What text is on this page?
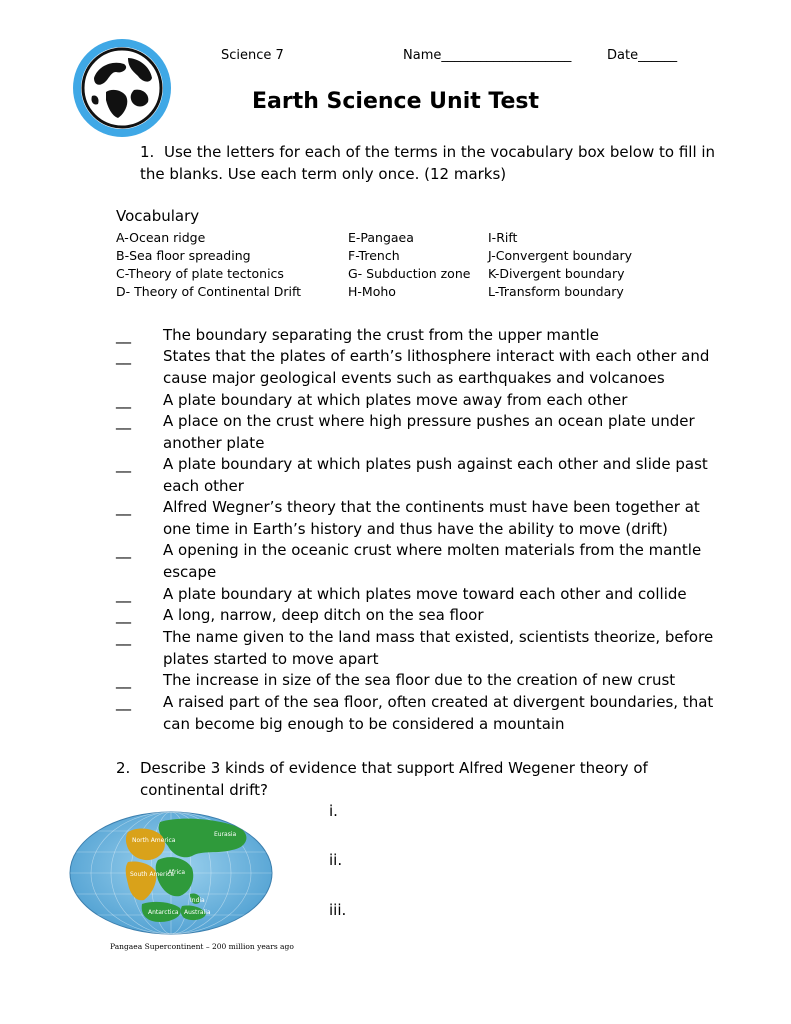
Science 7	Name____________________	Date______
Earth Science Unit Test
1. Use the letters for each of the terms in the vocabulary box below to fill in the blanks. Use each term only once. (12 marks)
Vocabulary
A-Ocean ridge
B-Sea floor spreading
C-Theory of plate tectonics
D- Theory of Continental Drift
E-Pangaea
F-Trench
G- Subduction zone
H-Moho
I-Rift
J-Convergent boundary
K-Divergent boundary
L-Transform boundary
__ The boundary separating the crust from the upper mantle
__ States that the plates of earth’s lithosphere interact with each other and cause major geological events such as earthquakes and volcanoes
__ A plate boundary at which plates move away from each other
__ A place on the crust where high pressure pushes an ocean plate under another plate
__ A plate boundary at which plates push against each other and slide past each other
__ Alfred Wegner’s theory that the continents must have been together at one time in Earth’s history and thus have the ability to move (drift)
__ A opening in the oceanic crust where molten materials from the mantle escape
__ A plate boundary at which plates move toward each other and collide
__ A long, narrow, deep ditch on the sea floor
__ The name given to the land mass that existed, scientists theorize, before plates started to move apart
__ The increase in size of the sea floor due to the creation of new crust
__ A raised part of the sea floor, often created at divergent boundaries, that can become big enough to be considered a mountain
2. Describe 3 kinds of evidence that support Alfred Wegener theory of continental drift?
i.
ii.
iii.
North America
Eurasia
South America
Africa
India
Antarctica Australia
Pangaea Supercontinent – 200 million years ago
